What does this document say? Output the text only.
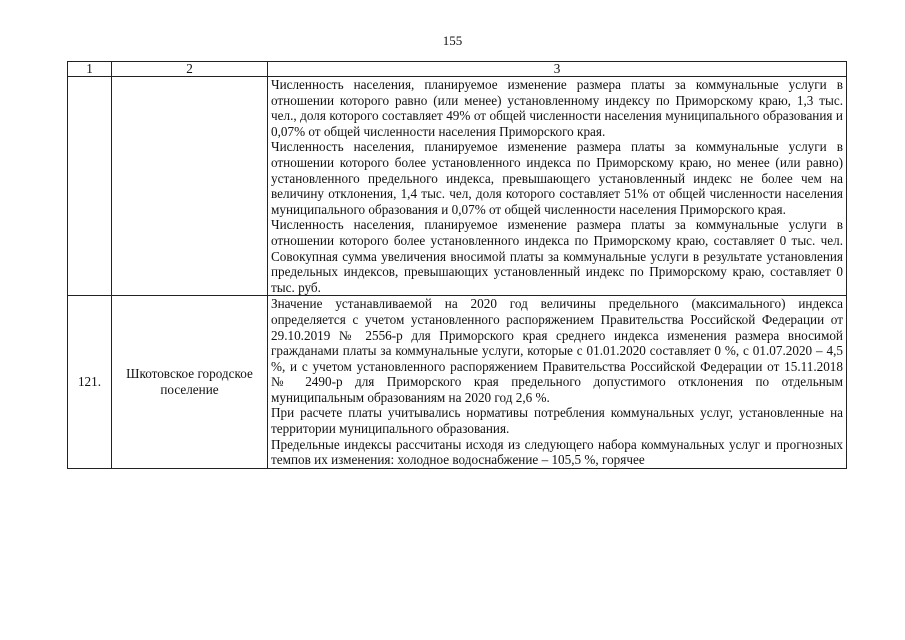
155
1	2	3

		Численность населения, планируемое изменение размера платы за коммунальные услуги в отношении которого равно (или менее) установленному индексу по Приморскому краю, 1,3 тыс. чел., доля которого составляет 49% от общей численности населения муниципального образования и 0,07% от общей численности населения Приморского края.

Численность населения, планируемое изменение размера платы за коммунальные услуги в отношении которого более установленного индекса по Приморскому краю, но менее (или равно) установленного предельного индекса, превышающего установленный индекс не более чем на величину отклонения, 1,4 тыс. чел, доля которого составляет 51% от общей численности населения муниципального образования и 0,07% от общей численности населения Приморского края.

Численность населения, планируемое изменение размера платы за коммунальные услуги в отношении которого более установленного индекса по Приморскому краю, составляет 0 тыс. чел. Совокупная сумма увеличения вносимой платы за коммунальные услуги в результате установления предельных индексов, превышающих установленный индекс по Приморскому краю, составляет 0 тыс. руб.

121.	Шкотовское городское поселение	Значение устанавливаемой на 2020 год величины предельного (максимального) индекса определяется с учетом установленного распоряжением Правительства Российской Федерации от 29.10.2019 № 2556-р для Приморского края среднего индекса изменения размера вносимой гражданами платы за коммунальные услуги, которые с 01.01.2020 составляет 0 %, с 01.07.2020 – 4,5 %, и с учетом установленного распоряжением Правительства Российской Федерации от 15.11.2018 № 2490-р для Приморского края предельного допустимого отклонения по отдельным муниципальным образованиям на 2020 год 2,6 %.

При расчете платы учитывались нормативы потребления коммунальных услуг, установленные на территории муниципального образования.

Предельные индексы рассчитаны исходя из следующего набора коммунальных услуг и прогнозных темпов их изменения: холодное водоснабжение – 105,5 %, горячее
